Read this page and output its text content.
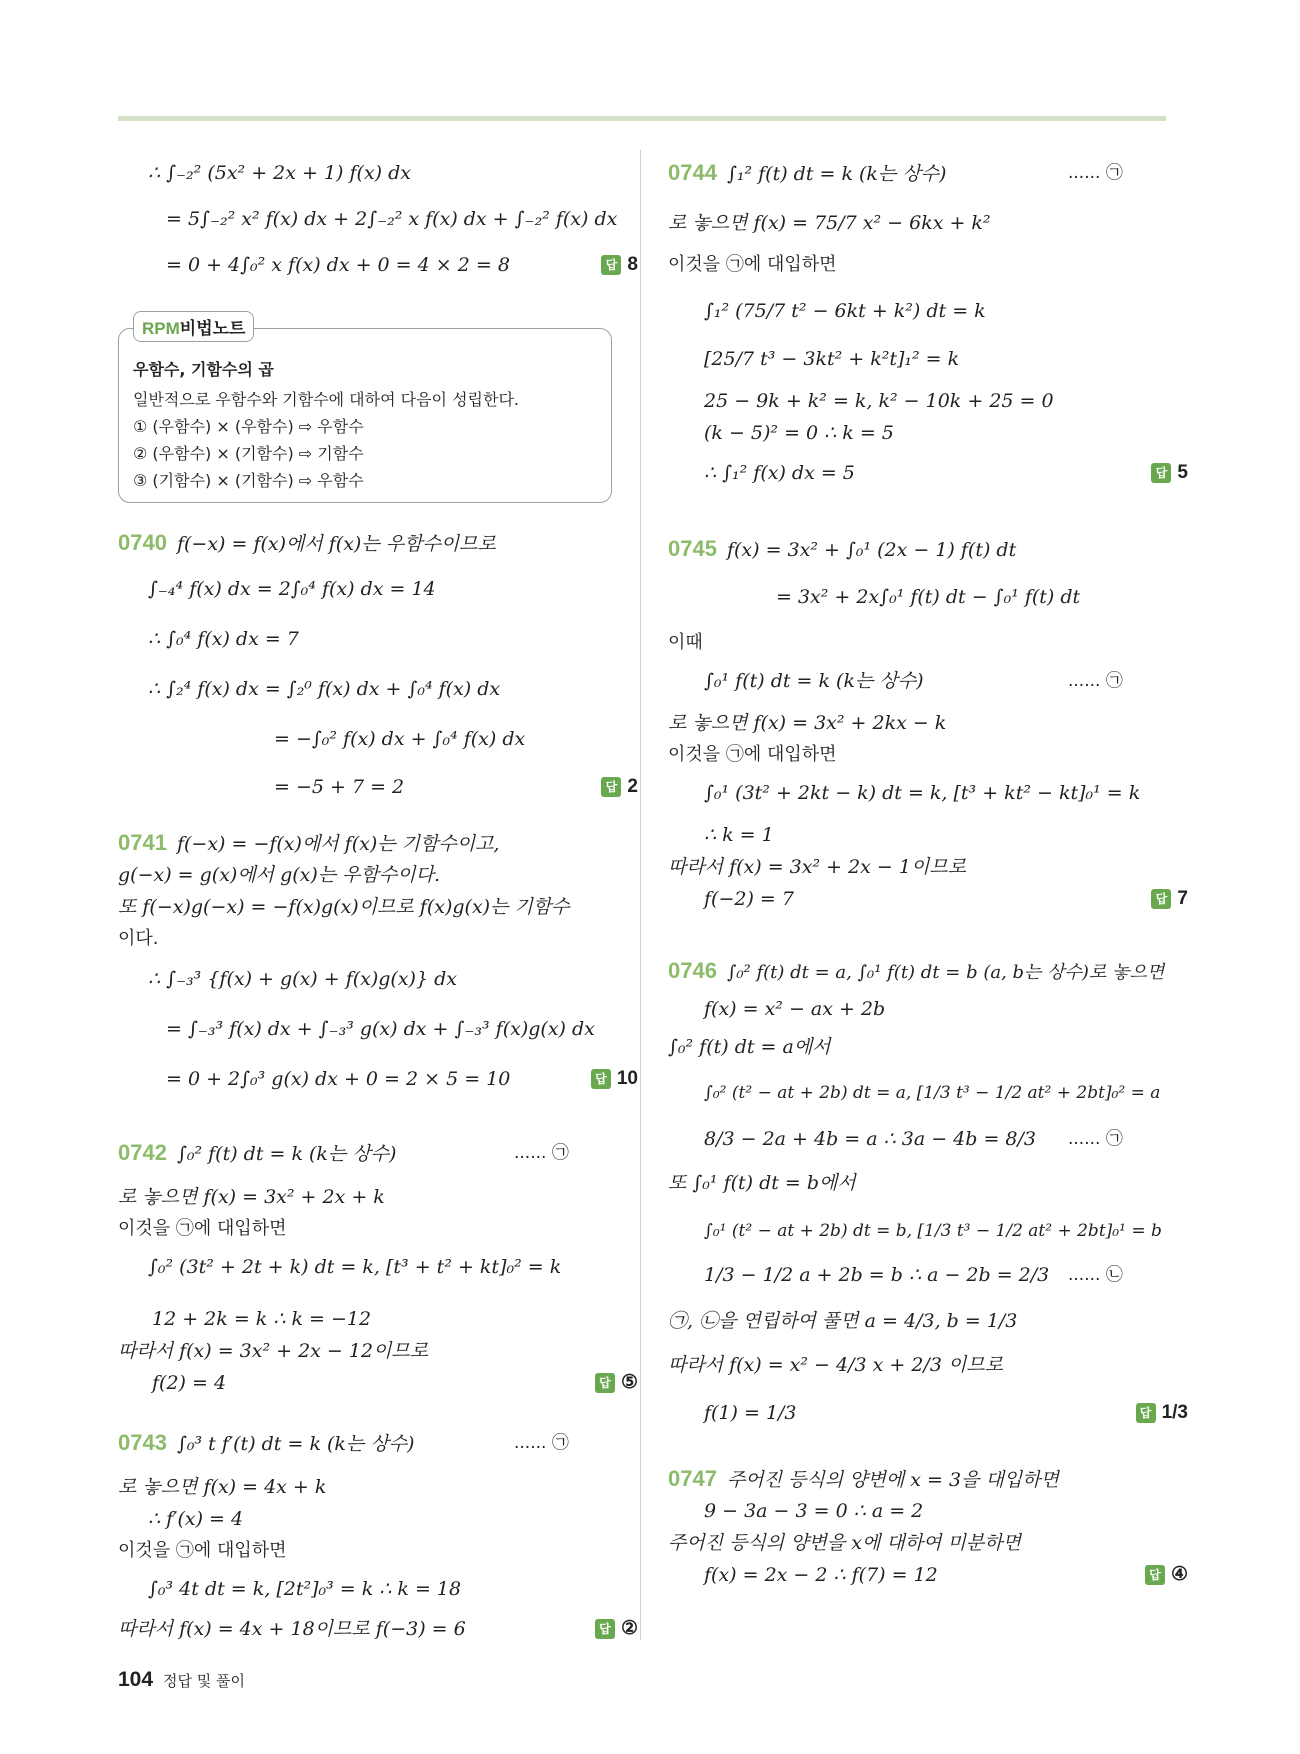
∴ ∫₋₂² (5x² + 2x + 1) f(x) dx
= 5∫₋₂² x² f(x) dx + 2∫₋₂² x f(x) dx + ∫₋₂² f(x) dx
= 0 + 4∫₀² x f(x) dx + 0 = 4 × 2 = 8	답 8
RPM비법노트
우함수, 기함수의 곱
일반적으로 우함수와 기함수에 대하여 다음이 성립한다.
① (우함수) × (우함수) ⇨ 우함수
② (우함수) × (기함수) ⇨ 기함수
③ (기함수) × (기함수) ⇨ 우함수
0740 f(−x) = f(x)에서 f(x)는 우함수이므로
∫₋₄⁴ f(x) dx = 2∫₀⁴ f(x) dx = 14
∴ ∫₀⁴ f(x) dx = 7
∴ ∫₂⁴ f(x) dx = ∫₂⁰ f(x) dx + ∫₀⁴ f(x) dx
= −∫₀² f(x) dx + ∫₀⁴ f(x) dx
= −5 + 7 = 2	답 2
0741 f(−x) = −f(x)에서 f(x)는 기함수이고,
g(−x) = g(x)에서 g(x)는 우함수이다.
또 f(−x)g(−x) = −f(x)g(x)이므로 f(x)g(x)는 기함수
이다.
∴ ∫₋₃³ {f(x) + g(x) + f(x)g(x)} dx
= ∫₋₃³ f(x) dx + ∫₋₃³ g(x) dx + ∫₋₃³ f(x)g(x) dx
= 0 + 2∫₀³ g(x) dx + 0 = 2 × 5 = 10	답 10
0742 ∫₀² f(t) dt = k (k는 상수)	...... ㉠
로 놓으면 f(x) = 3x² + 2x + k
이것을 ㉠에 대입하면
∫₀² (3t² + 2t + k) dt = k, [t³ + t² + kt]₀² = k
12 + 2k = k ∴ k = −12
따라서 f(x) = 3x² + 2x − 12이므로
f(2) = 4	답 ⑤
0743 ∫₀³ t f′(t) dt = k (k는 상수)	...... ㉠
로 놓으면 f(x) = 4x + k
∴ f′(x) = 4
이것을 ㉠에 대입하면
∫₀³ 4t dt = k, [2t²]₀³ = k ∴ k = 18
따라서 f(x) = 4x + 18이므로 f(−3) = 6	답 ②
0744 ∫₁² f(t) dt = k (k는 상수)	...... ㉠
로 놓으면 f(x) = 75/7 x² − 6kx + k²
이것을 ㉠에 대입하면
∫₁² (75/7 t² − 6kt + k²) dt = k
[25/7 t³ − 3kt² + k²t]₁² = k
25 − 9k + k² = k, k² − 10k + 25 = 0
(k − 5)² = 0 ∴ k = 5
∴ ∫₁² f(x) dx = 5	답 5
0745 f(x) = 3x² + ∫₀¹ (2x − 1) f(t) dt
= 3x² + 2x∫₀¹ f(t) dt − ∫₀¹ f(t) dt
이때
∫₀¹ f(t) dt = k (k는 상수)	...... ㉠
로 놓으면 f(x) = 3x² + 2kx − k
이것을 ㉠에 대입하면
∫₀¹ (3t² + 2kt − k) dt = k, [t³ + kt² − kt]₀¹ = k
∴ k = 1
따라서 f(x) = 3x² + 2x − 1이므로
f(−2) = 7	답 7
0746 ∫₀² f(t) dt = a, ∫₀¹ f(t) dt = b (a, b는 상수)로 놓으면
f(x) = x² − ax + 2b
∫₀² f(t) dt = a에서
∫₀² (t² − at + 2b) dt = a, [1/3 t³ − 1/2 at² + 2bt]₀² = a
8/3 − 2a + 4b = a ∴ 3a − 4b = 8/3 ...... ㉠
또 ∫₀¹ f(t) dt = b에서
∫₀¹ (t² − at + 2b) dt = b, [1/3 t³ − 1/2 at² + 2bt]₀¹ = b
1/3 − 1/2 a + 2b = b ∴ a − 2b = 2/3 ...... ㉡
㉠, ㉡을 연립하여 풀면 a = 4/3, b = 1/3
따라서 f(x) = x² − 4/3 x + 2/3 이므로
f(1) = 1/3	답 1/3
0747 주어진 등식의 양변에 x = 3을 대입하면
9 − 3a − 3 = 0 ∴ a = 2
주어진 등식의 양변을 x에 대하여 미분하면
f(x) = 2x − 2 ∴ f(7) = 12	답 ④
104 정답 및 풀이
